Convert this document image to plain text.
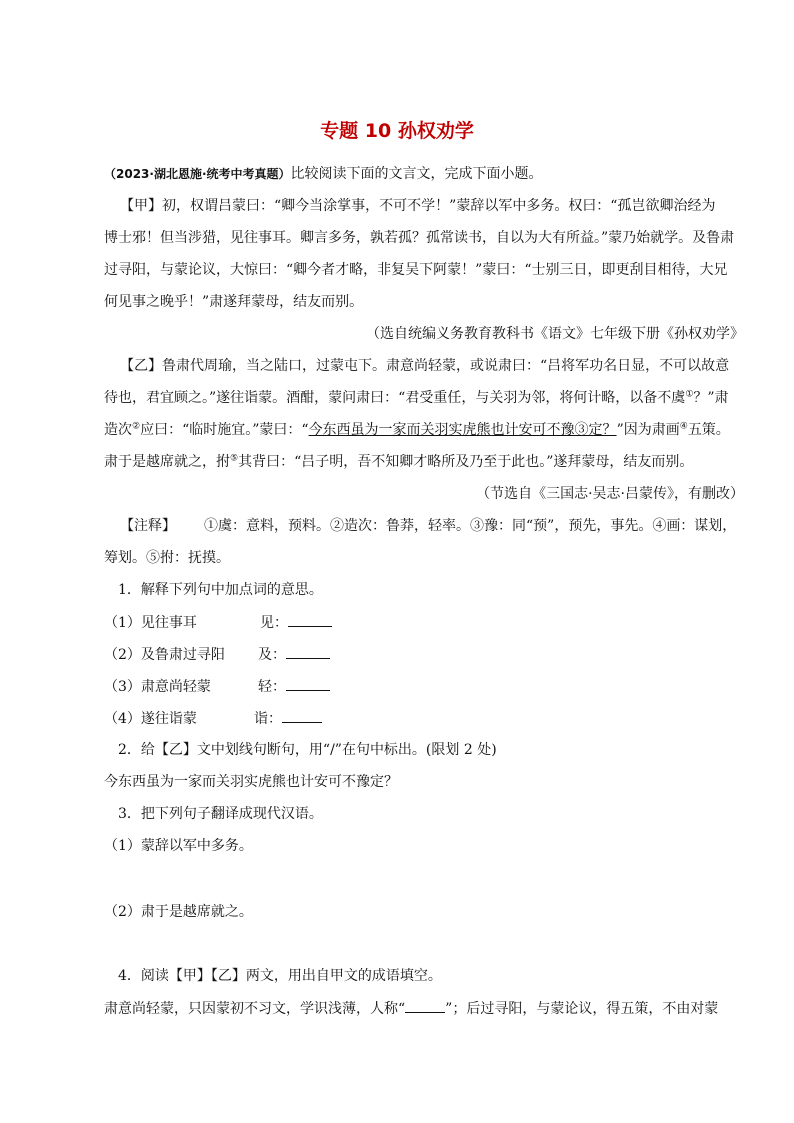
专题 10 孙权劝学
（2023·湖北恩施·统考中考真题）比较阅读下面的文言文，完成下面小题。
【甲】初，权谓吕蒙曰：“卿今当涂掌事，不可不学！”蒙辞以军中多务。权曰：“孤岂欲卿治经为
博士邪！但当涉猎，见往事耳。卿言多务，孰若孤？孤常读书，自以为大有所益。”蒙乃始就学。及鲁肃
过寻阳，与蒙论议，大惊曰：“卿今者才略，非复吴下阿蒙！”蒙曰：“士别三日，即更刮目相待，大兄
何见事之晚乎！”肃遂拜蒙母，结友而别。
（选自统编义务教育教科书《语文》七年级下册《孙权劝学》
【乙】鲁肃代周瑜，当之陆口，过蒙屯下。肃意尚轻蒙，或说肃曰：“吕将军功名日显，不可以故意
待也，君宜顾之。”遂往诣蒙。酒酣，蒙问肃曰：“君受重任，与关羽为邻，将何计略，以备不虞①？”肃
造次②应曰：“临时施宜。”蒙曰：“今东西虽为一家而关羽实虎熊也计安可不豫③定？”因为肃画④五策。
肃于是越席就之，拊⑤其背曰：“吕子明，吾不知卿才略所及乃至于此也。”遂拜蒙母，结友而别。
（节选自《三国志·吴志·吕蒙传》，有删改）
【注释】 ①虞：意料，预料。②造次：鲁莽，轻率。③豫：同“预”，预先，事先。④画：谋划，
筹划。⑤拊：抚摸。
1．解释下列句中加点词的意思。
（1）见往事耳	见：
（2）及鲁肃过寻阳 及：
（3）肃意尚轻蒙	轻：
（4）遂往诣蒙	诣：
2．给【乙】文中划线句断句，用“/”在句中标出。(限划 2 处)
今东西虽为一家而关羽实虎熊也计安可不豫定？
3．把下列句子翻译成现代汉语。
（1）蒙辞以军中多务。
（2）肃于是越席就之。
4．阅读【甲】【乙】两文，用出自甲文的成语填空。
肃意尚轻蒙，只因蒙初不习文，学识浅薄，人称“	”；后过寻阳，与蒙论议，得五策，不由对蒙
